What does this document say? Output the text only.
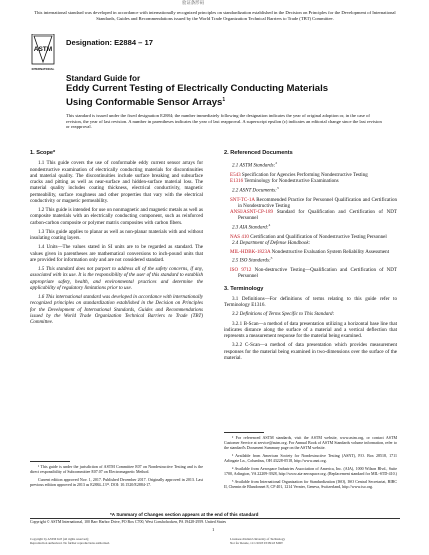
验证条形码
This international standard was developed in accordance with internationally recognized principles on standardization established in the Decision on Principles for the Development of International Standards, Guides and Recommendations issued by the World Trade Organization Technical Barriers to Trade (TBT) Committee.
ASTM
INTERNATIONAL
Designation: E2884 – 17
Standard Guide for
Eddy Current Testing of Electrically Conducting Materials
Using Conformable Sensor Arrays$^1$
This standard is issued under the fixed designation E2884; the number immediately following the designation indicates the year of original adoption or, in the case of revision, the year of last revision. A number in parentheses indicates the year of last reapproval. A superscript epsilon (ε) indicates an editorial change since the last revision or reapproval.
1. Scope*

1.1 This guide covers the use of conformable eddy current sensor arrays for nondestructive examination of electrically conducting materials for discontinuities and material quality. The discontinuities include surface breaking and subsurface cracks and pitting as well as near-surface and hidden-surface material loss. The material quality includes coating thickness, electrical conductivity, magnetic permeability, surface roughness and other properties that vary with the electrical conductivity or magnetic permeability.

1.2 This guide is intended for use on nonmagnetic and magnetic metals as well as composite materials with an electrically conducting component, such as reinforced carbon-carbon composite or polymer matrix composites with carbon fibers.

1.3 This guide applies to planar as well as non-planar materials with and without insulating coating layers.

1.4 Units—The values stated in SI units are to be regarded as standard. The values given in parentheses are mathematical conversions to inch-pound units that are provided for information only and are not considered standard.

1.5 This standard does not purport to address all of the safety concerns, if any, associated with its use. It is the responsibility of the user of this standard to establish appropriate safety, health, and environmental practices and determine the applicability of regulatory limitations prior to use.

1.6 This international standard was developed in accordance with internationally recognized principles on standardization established in the Decision on Principles for the Development of International Standards, Guides and Recommendations issued by the World Trade Organization Technical Barriers to Trade (TBT) Committee.

¹ This guide is under the jurisdiction of ASTM Committee E07 on Nondestructive Testing and is the direct responsibility of Subcommittee E07.07 on Electromagnetic Method.

Current edition approved Nov. 1, 2017. Published December 2017. Originally approved in 2013. Last previous edition approved in 2013 as E2884–13¹¹. DOI: 10.1520/E2884-17.

2. Referenced Documents
2.1 ASTM Standards:$^2$
E543 Specification for Agencies Performing Nondestructive Testing
E1316 Terminology for Nondestructive Examinations
2.2 ASNT Documents:$^3$
SNT-TC-1A Recommended Practice for Personnel Qualification and Certification in Nondestructive Testing
ANSI/ASNT-CP-189 Standard for Qualification and Certification of NDT Personnel
2.3 AIA Standard:$^4$
NAS 410 Certification and Qualification of Nondestructive Testing Personnel
2.4 Department of Defense Handbook:
MIL-HDBK-1823A Nondestructive Evaluation System Reliability Assessment
2.5 ISO Standards:$^5$
ISO 9712 Non-destructive Testing—Qualification and Certification of NDT Personnel
3. Terminology

3.1 Definitions—For definitions of terms relating to this guide refer to Terminology E1316.

3.2 Definitions of Terms Specific to This Standard:

3.2.1 B-Scan—a method of data presentation utilizing a horizontal base line that indicates distance along the surface of a material and a vertical deflection that represents a measurement response for the material being examined.

3.2.2 C-Scan—a method of data presentation which provides measurement responses for the material being examined in two-dimensions over the surface of the material.

² For referenced ASTM standards, visit the ASTM website, www.astm.org, or contact ASTM Customer Service at service@astm.org. For Annual Book of ASTM Standards volume information, refer to the standard's Document Summary page on the ASTM website.

³ Available from American Society for Nondestructive Testing (ASNT), P.O. Box 28518, 1711 Arlingate Ln., Columbus, OH 43228-0518, http://www.asnt.org.

⁴ Available from Aerospace Industries Association of America, Inc. (AIA), 1000 Wilson Blvd., Suite 1700, Arlington, VA 22209-3928, http://www.aia-aerospace.org. (Replacement standard for MIL-STD-410.)

⁵ Available from International Organization for Standardization (ISO), ISO Central Secretariat, BIBC II, Chemin de Blandonnet 8, CP 401, 1214 Vernier, Geneva, Switzerland, http://www.iso.org.

*A Summary of Changes section appears at the end of this standard
Copyright © ASTM International, 100 Barr Harbor Drive, PO Box C700, West Conshohocken, PA 19428-2959. United States
1
Copyright by ASTM Int'l (all rights reserved);
Reproduction authorized. No further reproductions authorized.
Licensee=Dalian University of Technology
Not for Resale, 11/1/2018 03:09:43 MDT
